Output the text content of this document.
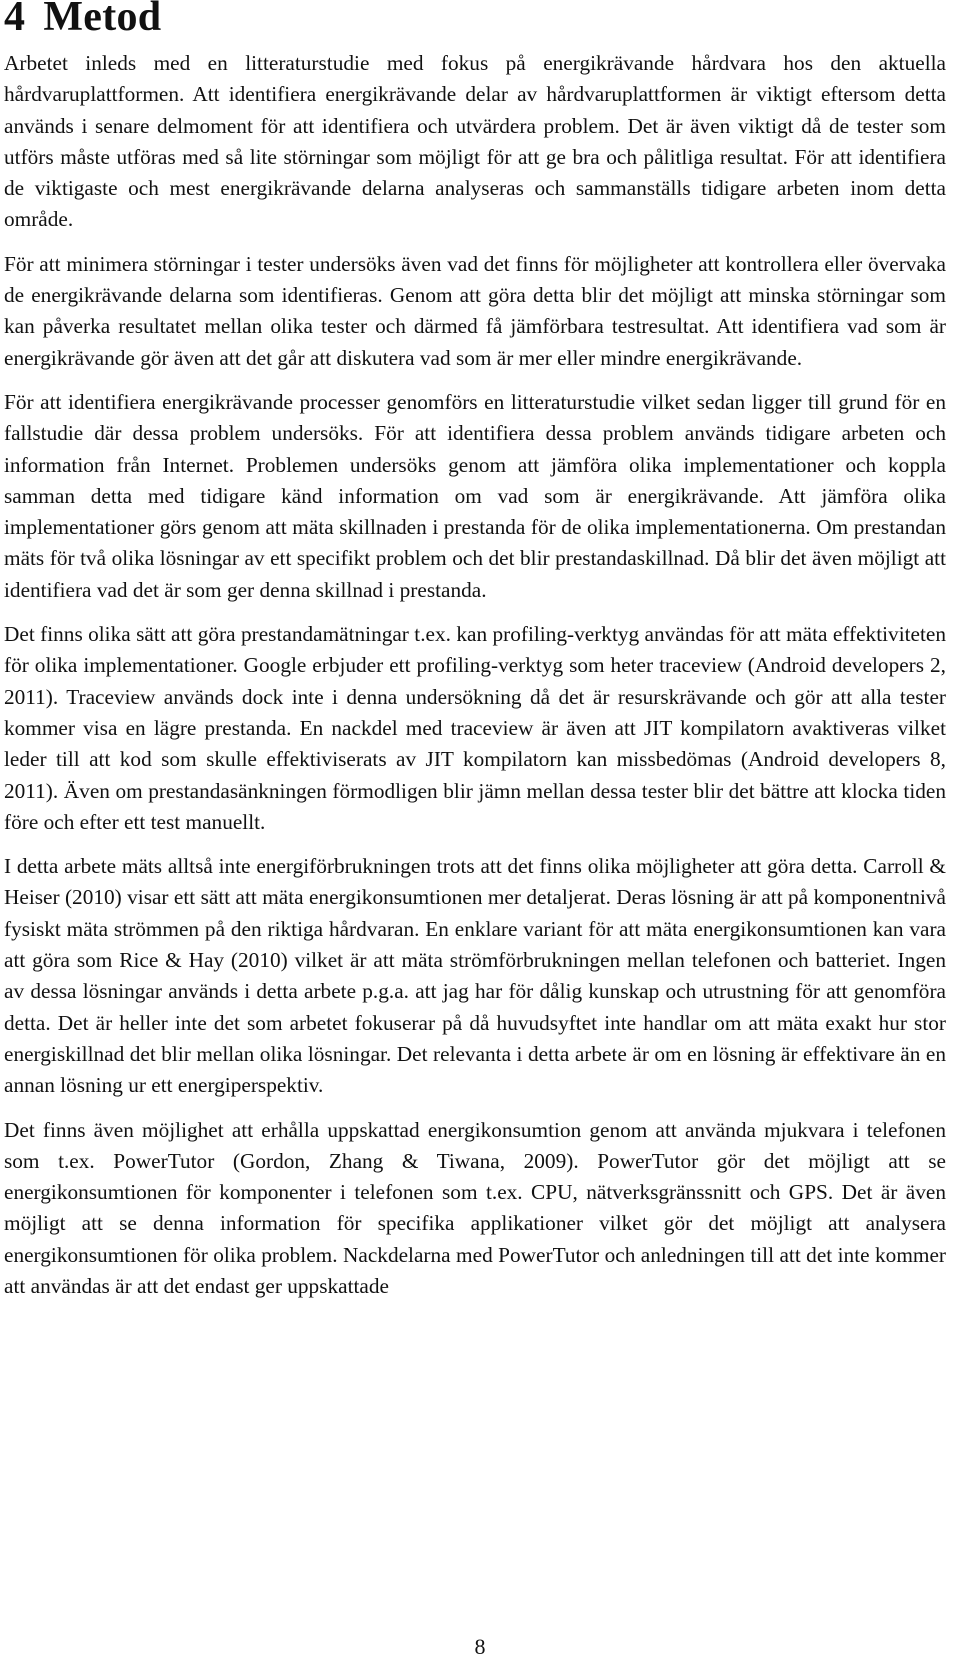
4 Metod

Arbetet inleds med en litteraturstudie med fokus på energikrävande hårdvara hos den aktuella hårdvaruplattformen. Att identifiera energikrävande delar av hårdvaruplattformen är viktigt eftersom detta används i senare delmoment för att identifiera och utvärdera problem. Det är även viktigt då de tester som utförs måste utföras med så lite störningar som möjligt för att ge bra och pålitliga resultat. För att identifiera de viktigaste och mest energikrävande delarna analyseras och sammanställs tidigare arbeten inom detta område.

För att minimera störningar i tester undersöks även vad det finns för möjligheter att kontrollera eller övervaka de energikrävande delarna som identifieras. Genom att göra detta blir det möjligt att minska störningar som kan påverka resultatet mellan olika tester och därmed få jämförbara testresultat. Att identifiera vad som är energikrävande gör även att det går att diskutera vad som är mer eller mindre energikrävande.

För att identifiera energikrävande processer genomförs en litteraturstudie vilket sedan ligger till grund för en fallstudie där dessa problem undersöks. För att identifiera dessa problem används tidigare arbeten och information från Internet. Problemen undersöks genom att jämföra olika implementationer och koppla samman detta med tidigare känd information om vad som är energikrävande. Att jämföra olika implementationer görs genom att mäta skillnaden i prestanda för de olika implementationerna. Om prestandan mäts för två olika lösningar av ett specifikt problem och det blir prestandaskillnad. Då blir det även möjligt att identifiera vad det är som ger denna skillnad i prestanda.

Det finns olika sätt att göra prestandamätningar t.ex. kan profiling-verktyg användas för att mäta effektiviteten för olika implementationer. Google erbjuder ett profiling-verktyg som heter traceview (Android developers 2, 2011). Traceview används dock inte i denna undersökning då det är resurskrävande och gör att alla tester kommer visa en lägre prestanda. En nackdel med traceview är även att JIT kompilatorn avaktiveras vilket leder till att kod som skulle effektiviserats av JIT kompilatorn kan missbedömas (Android developers 8, 2011). Även om prestandasänkningen förmodligen blir jämn mellan dessa tester blir det bättre att klocka tiden före och efter ett test manuellt.

I detta arbete mäts alltså inte energiförbrukningen trots att det finns olika möjligheter att göra detta. Carroll & Heiser (2010) visar ett sätt att mäta energikonsumtionen mer detaljerat. Deras lösning är att på komponentnivå fysiskt mäta strömmen på den riktiga hårdvaran. En enklare variant för att mäta energikonsumtionen kan vara att göra som Rice & Hay (2010) vilket är att mäta strömförbrukningen mellan telefonen och batteriet. Ingen av dessa lösningar används i detta arbete p.g.a. att jag har för dålig kunskap och utrustning för att genomföra detta. Det är heller inte det som arbetet fokuserar på då huvudsyftet inte handlar om att mäta exakt hur stor energiskillnad det blir mellan olika lösningar. Det relevanta i detta arbete är om en lösning är effektivare än en annan lösning ur ett energiperspektiv.

Det finns även möjlighet att erhålla uppskattad energikonsumtion genom att använda mjukvara i telefonen som t.ex. PowerTutor (Gordon, Zhang & Tiwana, 2009). PowerTutor gör det möjligt att se energikonsumtionen för komponenter i telefonen som t.ex. CPU, nätverksgränssnitt och GPS. Det är även möjligt att se denna information för specifika applikationer vilket gör det möjligt att analysera energikonsumtionen för olika problem. Nackdelarna med PowerTutor och anledningen till att det inte kommer att användas är att det endast ger uppskattade

8
